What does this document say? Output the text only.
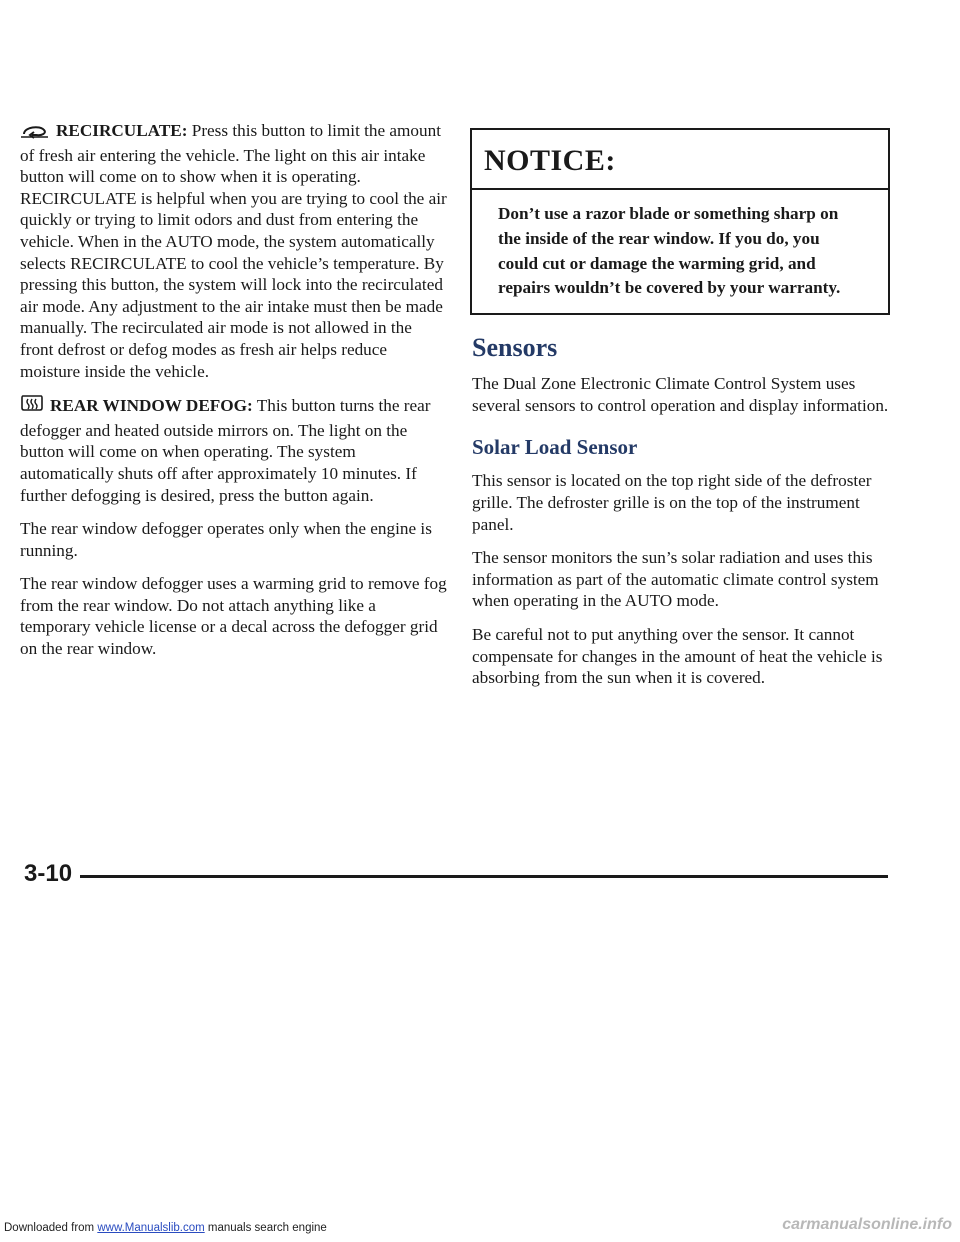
RECIRCULATE: Press this button to limit the amount of fresh air entering the vehicle. The light on this air intake button will come on to show when it is operating. RECIRCULATE is helpful when you are trying to cool the air quickly or trying to limit odors and dust from entering the vehicle. When in the AUTO mode, the system automatically selects RECIRCULATE to cool the vehicle’s temperature. By pressing this button, the system will lock into the recirculated air mode. Any adjustment to the air intake must then be made manually. The recirculated air mode is not allowed in the front defrost or defog modes as fresh air helps reduce moisture inside the vehicle.

REAR WINDOW DEFOG: This button turns the rear defogger and heated outside mirrors on. The light on the button will come on when operating. The system automatically shuts off after approximately 10 minutes. If further defogging is desired, press the button again.

The rear window defogger operates only when the engine is running.

The rear window defogger uses a warming grid to remove fog from the rear window. Do not attach anything like a temporary vehicle license or a decal across the defogger grid on the rear window.

NOTICE:
Don’t use a razor blade or something sharp on the inside of the rear window. If you do, you could cut or damage the warming grid, and repairs wouldn’t be covered by your warranty.
Sensors

The Dual Zone Electronic Climate Control System uses several sensors to control operation and display information.

Solar Load Sensor

This sensor is located on the top right side of the defroster grille. The defroster grille is on the top of the instrument panel.

The sensor monitors the sun’s solar radiation and uses this information as part of the automatic climate control system when operating in the AUTO mode.

Be careful not to put anything over the sensor. It cannot compensate for changes in the amount of heat the vehicle is absorbing from the sun when it is covered.

3-10
Downloaded from www.Manualslib.com manuals search engine	carmanualsonline.info
